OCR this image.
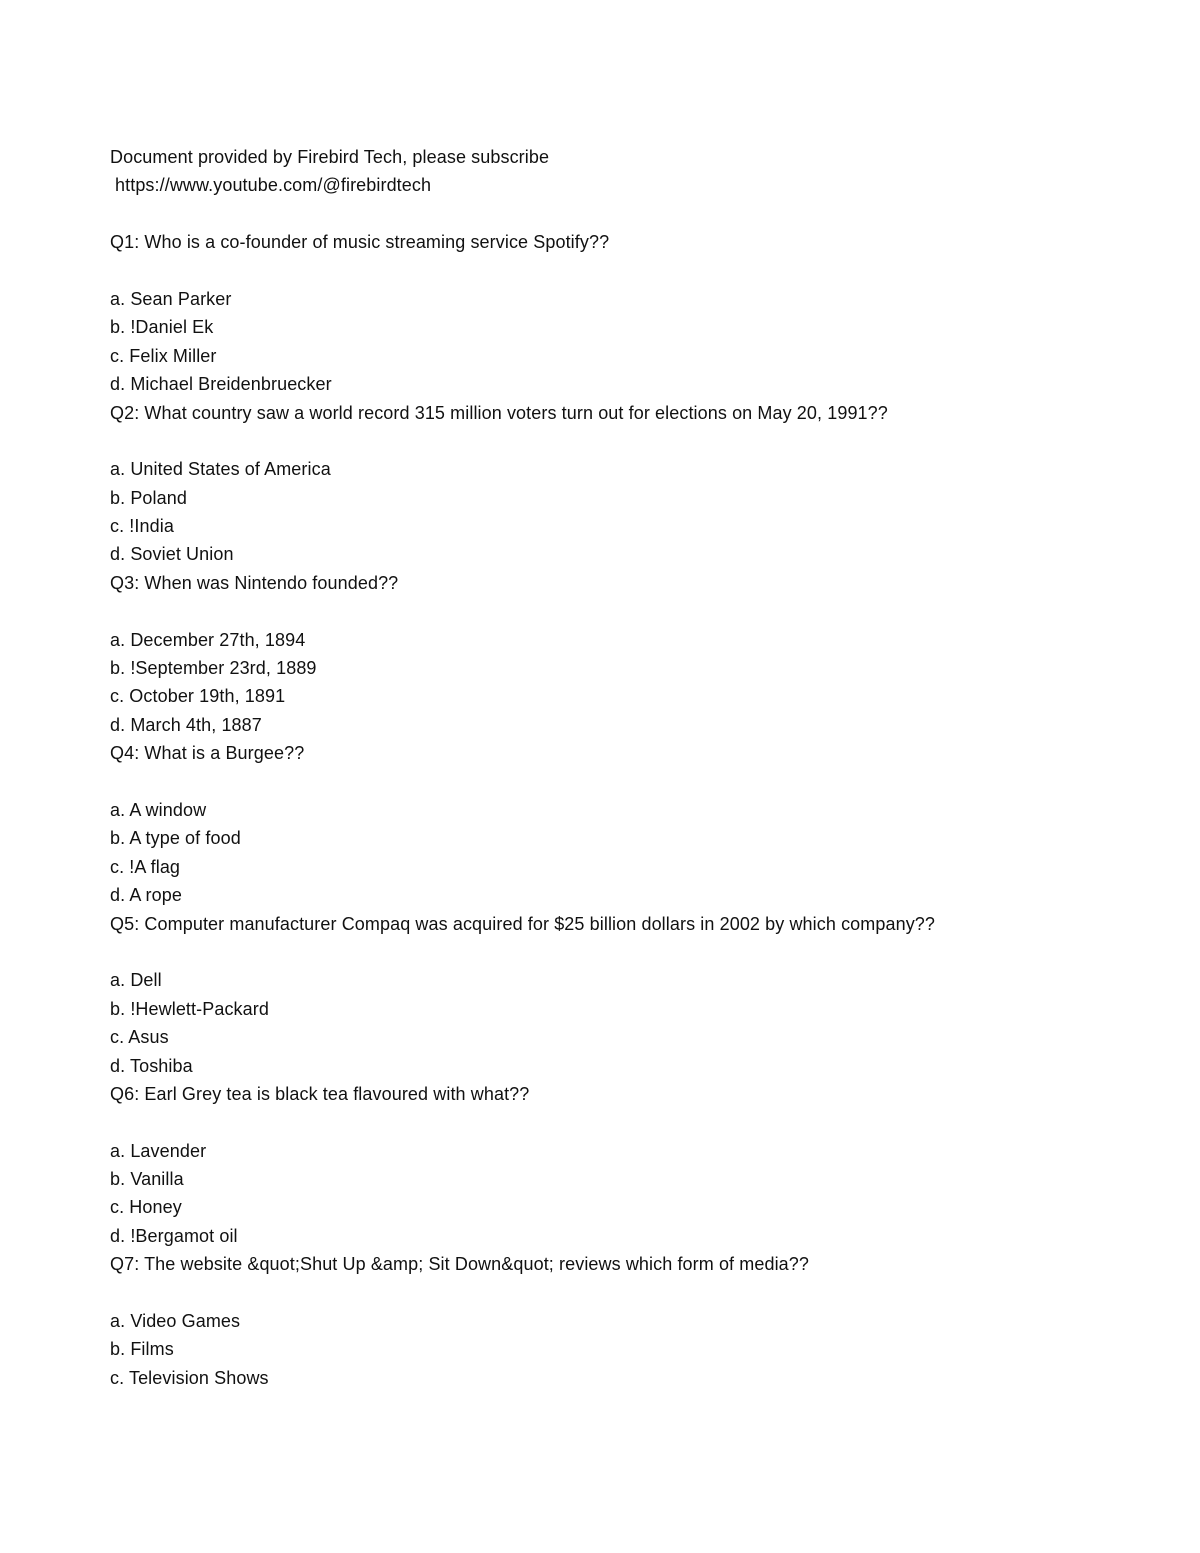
Document provided by Firebird Tech, please subscribe
https://www.youtube.com/@firebirdtech
Q1: Who is a co-founder of music streaming service Spotify??
a. Sean Parker
b. !Daniel Ek
c. Felix Miller
d. Michael Breidenbruecker
Q2: What country saw a world record 315 million voters turn out for elections on May 20, 1991??
a. United States of America
b. Poland
c. !India
d. Soviet Union
Q3: When was Nintendo founded??
a. December 27th, 1894
b. !September 23rd, 1889
c. October 19th, 1891
d. March 4th, 1887
Q4: What is a Burgee??
a. A window
b. A type of food
c. !A flag
d. A rope
Q5: Computer manufacturer Compaq was acquired for $25 billion dollars in 2002 by which company??
a. Dell
b. !Hewlett-Packard
c. Asus
d. Toshiba
Q6: Earl Grey tea is black tea flavoured with what??
a. Lavender
b. Vanilla
c. Honey
d. !Bergamot oil
Q7: The website &quot;Shut Up &amp; Sit Down&quot; reviews which form of media??
a. Video Games
b. Films
c. Television Shows
